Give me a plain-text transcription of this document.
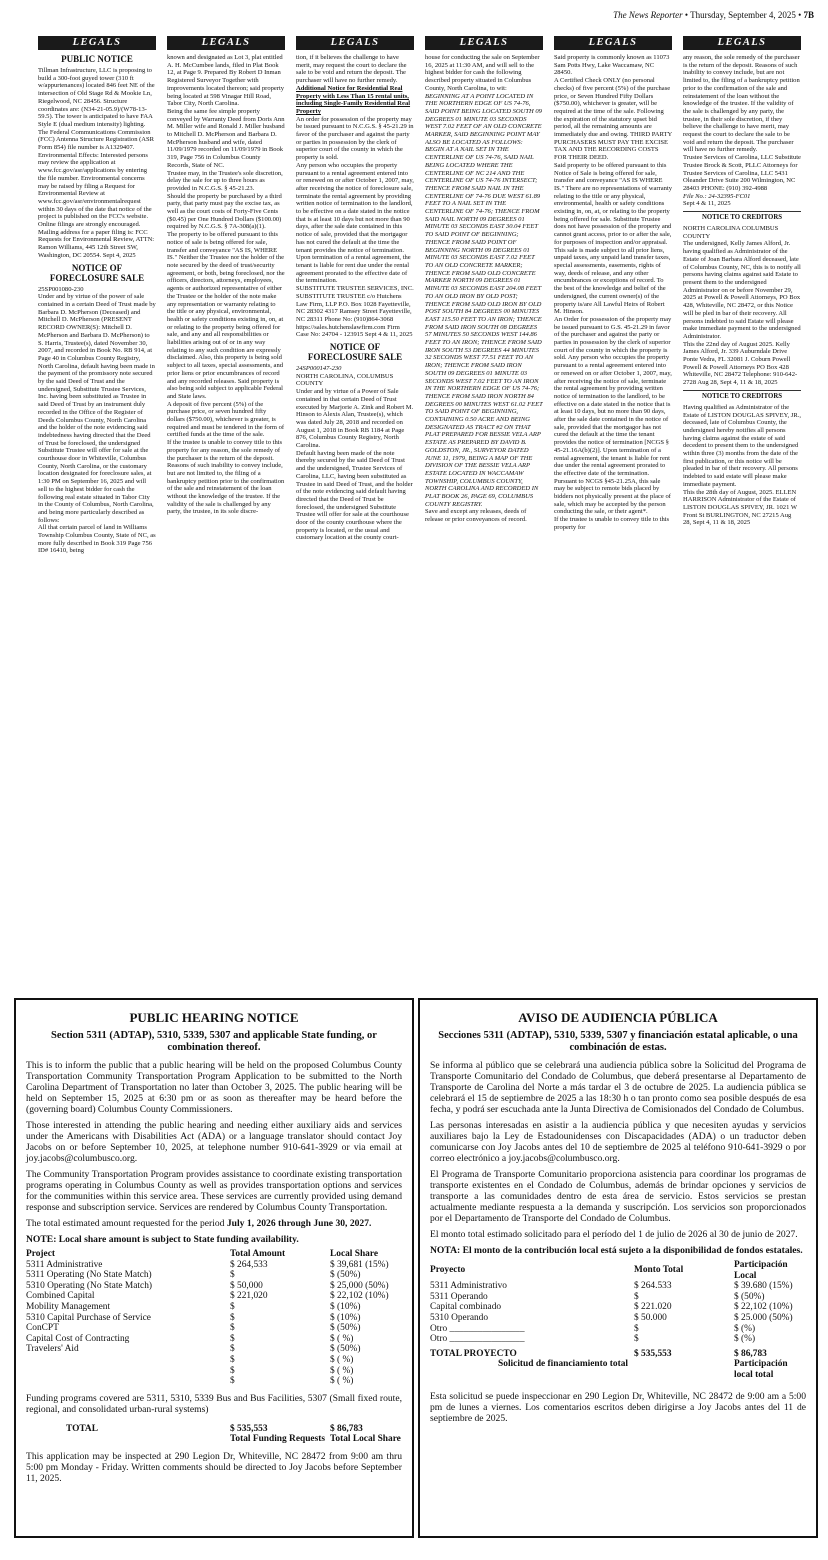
The News Reporter • Thursday, September 4, 2025 • 7B
LEGALS
PUBLIC NOTICE

Tillman Infrastructure, LLC is proposing to build a 300-foot guyed tower (310 ft w/appurtenances) located 846 feet NE of the intersection of Old Stage Rd & Mookie Ln, Riegelwood, NC 28456. Structure coordinates are: (N34-21-05.9)/(W78-13-59.5). The tower is anticipated to have FAA Style E (dual medium intensity) lighting. The Federal Communications Commission (FCC) Antenna Structure Registration (ASR Form 854) file number is A1329407. Environmental Effects: Interested persons may review the application at www.fcc.gov/asr/applications by entering the file number. Environmental concerns may be raised by filing a Request for Environmental Review at www.fcc.gov/asr/environmentalrequest within 30 days of the date that notice of the project is published on the FCC's website. Online filings are strongly encouraged. Mailing address for a paper filing is: FCC Requests for Environmental Review, ATTN: Ramon Williams, 445 12th Street SW, Washington, DC 20554. Sept 4, 2025

NOTICE OF FORECLOSURE SALE

25SP001080-230

Under and by virtue of the power of sale contained in a certain Deed of Trust made by Barbara D. McPherson (Deceased) and Mitchell D. McPherson (PRESENT RECORD OWNER(S): Mitchell D. McPherson and Barbara D. McPherson) to S. Harris, Trustee(s), dated November 30, 2007, and recorded in Book No. RB 914, at Page 40 in Columbus County Registry, North Carolina, default having been made in the payment of the promissory note secured by the said Deed of Trust and the undersigned, Substitute Trustee Services, Inc. having been substituted as Trustee in said Deed of Trust by an instrument duly recorded in the Office of the Register of Deeds Columbus County, North Carolina and the holder of the note evidencing said indebtedness having directed that the Deed of Trust be foreclosed, the undersigned Substitute Trustee will offer for sale at the courthouse door in Whiteville, Columbus County, North Carolina, or the customary location designated for foreclosure sales, at 1:30 PM on September 16, 2025 and will sell to the highest bidder for cash the following real estate situated in Tabor City in the County of Columbus, North Carolina, and being more particularly described as follows:

All that certain parcel of land in Williams Township Columbus County, State of NC, as more fully described in Book 319 Page 756 ID# 16410, being

LEGALS

known and designated as Lot 3, plat entitled A. H. McCumbee lands, filed in Plat Book 12, at Page 9. Prepared By Robert D Inman Registered Surveyor Together with improvements located thereon; said property being located at 598 Vinagar Hill Road, Tabor City, North Carolina.

Being the same fee simple property conveyed by Warranty Deed from Doris Ann M. Miller wife and Ronald J. Miller husband to Mitchell D. McPherson and Barbara D. McPherson husband and wife, dated 11/09/1979 recorded on 11/09/1979 in Book 319, Page 756 in Columbus County Records, State of NC.

Trustee may, in the Trustee's sole discretion, delay the sale for up to three hours as provided in N.C.G.S. § 45-21.23.

Should the property be purchased by a third party, that party must pay the excise tax, as well as the court costs of Forty-Five Cents ($0.45) per One Hundred Dollars ($100.00) required by N.C.G.S. § 7A-308(a)(1).

The property to be offered pursuant to this notice of sale is being offered for sale, transfer and conveyance "AS IS, WHERE IS." Neither the Trustee nor the holder of the note secured by the deed of trust/security agreement, or both, being foreclosed, nor the officers, directors, attorneys, employees, agents or authorized representative of either the Trustee or the holder of the note make any representation or warranty relating to the title or any physical, environmental, health or safety conditions existing in, on, at or relating to the property being offered for sale, and any and all responsibilities or liabilities arising out of or in any way relating to any such condition are expressly disclaimed. Also, this property is being sold subject to all taxes, special assessments, and prior liens or prior encumbrances of record and any recorded releases. Said property is also being sold subject to applicable Federal and State laws.

A deposit of five percent (5%) of the purchase price, or seven hundred fifty dollars ($750.00), whichever is greater, is required and must be tendered in the form of certified funds at the time of the sale.

If the trustee is unable to convey title to this property for any reason, the sole remedy of the purchaser is the return of the deposit. Reasons of such inability to convey include, but are not limited to, the filing of a bankruptcy petition prior to the confirmation of the sale and reinstatement of the loan without the knowledge of the trustee. If the validity of the sale is challenged by any party, the trustee, in its sole discre-

LEGALS

tion, if it believes the challenge to have merit, may request the court to declare the sale to be void and return the deposit. The purchaser will have no further remedy.

Additional Notice for Residential Real Property with Less Than 15 rental units, including Single-Family Residential Real Property

An order for possession of the property may be issued pursuant to N.C.G.S. § 45-21.29 in favor of the purchaser and against the party or parties in possession by the clerk of superior court of the county in which the property is sold.

Any person who occupies the property pursuant to a rental agreement entered into or renewed on or after October 1, 2007, may, after receiving the notice of foreclosure sale, terminate the rental agreement by providing written notice of termination to the landlord, to be effective on a date stated in the notice that is at least 10 days but not more than 90 days, after the sale date contained in this notice of sale, provided that the mortgagor has not cured the default at the time the tenant provides the notice of termination. Upon termination of a rental agreement, the tenant is liable for rent due under the rental agreement prorated to the effective date of the termination.

SUBSTITUTE TRUSTEE SERVICES, INC. SUBSTITUTE TRUSTEE c/o Hutchens Law Firm, LLP P.O. Box 1028 Fayetteville, NC 28302 4317 Ramsey Street Fayetteville, NC 28311 Phone No: (910)864-3068 https://sales.hutchenslawfirm.com Firm Case No: 24704 - 123915 Sept 4 & 11, 2025

NOTICE OF FORECLOSURE SALE

24SP000147-230

NORTH CAROLINA, COLUMBUS COUNTY

Under and by virtue of a Power of Sale contained in that certain Deed of Trust executed by Marjorie A. Zink and Robert M. Hinson to Alexis Alan, Trustee(s), which was dated July 28, 2018 and recorded on August 1, 2018 in Book RB 1184 at Page 876, Columbus County Registry, North Carolina.

Default having been made of the note thereby secured by the said Deed of Trust and the undersigned, Trustee Services of Carolina, LLC, having been substituted as Trustee in said Deed of Trust, and the holder of the note evidencing said default having directed that the Deed of Trust be foreclosed, the undersigned Substitute Trustee will offer for sale at the courthouse door of the county courthouse where the property is located, or the usual and customary location at the county court-

LEGALS

house for conducting the sale on September 16, 2025 at 11:30 AM, and will sell to the highest bidder for cash the following described property situated in Columbus County, North Carolina, to wit:

BEGINNING AT A POINT LOCATED IN THE NORTHERN EDGE OF US 74-76, SAID POINT BEING LOCATED SOUTH 09 DEGREES 01 MINUTE 03 SECONDS WEST 7.02 FEET OF AN OLD CONCRETE MARKER, SAID BEGINNING POINT MAY ALSO BE LOCATED AS FOLLOWS: BEGIN AT A NAIL SET IN THE CENTERLINE OF US 74-76, SAID NAIL BEING LOCATED WHERE THE CENTERLINE OF NC 214 AND THE CENTERLINE OF US 74-76 INTERSECT; THENCE FROM SAID NAIL IN THE CENTERLINE OF 74-76 DUE WEST 61.89 FEET TO A NAIL SET IN THE CENTERLINE OF 74-76; THENCE FROM SAID NAIL NORTH 09 DEGREES 01 MINUTE 03 SECONDS EAST 30.04 FEET TO SAID POINT OF BEGINNING; THENCE FROM SAID POINT OF BEGINNING NORTH 09 DEGREES 01 MINUTE 03 SECONDS EAST 7.02 FEET TO AN OLD CONCRETE MARKER; THENCE FROM SAID OLD CONCRETE MARKER NORTH 09 DEGREES 01 MINUTE 03 SECONDS EAST 204.08 FEET TO AN OLD IRON BY OLD POST; THENCE FROM SAID OLD IRON BY OLD POST SOUTH 84 DEGREES 00 MINUTES EAST 115.50 FEET TO AN IRON; THENCE FROM SAID IRON SOUTH 08 DEGREES 57 MINUTES 50 SECONDS WEST 144.86 FEET TO AN IRON; THENCE FROM SAID IRON SOUTH 53 DEGREES 44 MINUTES 32 SECONDS WEST 77.51 FEET TO AN IRON; THENCE FROM SAID IRON SOUTH 09 DEGREES 01 MINUTE 03 SECONDS WEST 7.02 FEET TO AN IRON IN THE NORTHERN EDGE OF US 74-76; THENCE FROM SAID IRON NORTH 84 DEGREES 00 MINUTES WEST 61.02 FEET TO SAID POINT OF BEGINNING, CONTAINING 0.50 ACRE AND BEING DESIGNATED AS TRACT #2 ON THAT PLAT PREPARED FOR BESSIE VELA ARP ESTATE AS PREPARED BY DAVID B. GOLDSTON, JR., SURVEYOR DATED JUNE 11, 1979, BEING A MAP OF THE DIVISION OF THE BESSIE VELA ARP ESTATE LOCATED IN WACCAMAW TOWNSHIP, COLUMBUS COUNTY, NORTH CAROLINA AND RECORDED IN PLAT BOOK 26, PAGE 69, COLUMBUS COUNTY REGISTRY.

Save and except any releases, deeds of release or prior conveyances of record.

LEGALS

Said property is commonly known as 11073 Sam Potts Hwy, Lake Waccamaw, NC 28450.

A Certified Check ONLY (no personal checks) of five percent (5%) of the purchase price, or Seven Hundred Fifty Dollars ($750.00), whichever is greater, will be required at the time of the sale. Following the expiration of the statutory upset bid period, all the remaining amounts are immediately due and owing. THIRD PARTY PURCHASERS MUST PAY THE EXCISE TAX AND THE RECORDING COSTS FOR THEIR DEED.

Said property to be offered pursuant to this Notice of Sale is being offered for sale, transfer and conveyance "AS IS WHERE IS." There are no representations of warranty relating to the title or any physical, environmental, health or safety conditions existing in, on, at, or relating to the property being offered for sale. Substitute Trustee does not have possession of the property and cannot grant access, prior to or after the sale, for purposes of inspection and/or appraisal. This sale is made subject to all prior liens, unpaid taxes, any unpaid land transfer taxes, special assessments, easements, rights of way, deeds of release, and any other encumbrances or exceptions of record. To the best of the knowledge and belief of the undersigned, the current owner(s) of the property is/are All Lawful Heirs of Robert M. Hinson.

An Order for possession of the property may be issued pursuant to G.S. 45-21.29 in favor of the purchaser and against the party or parties in possession by the clerk of superior court of the county in which the property is sold. Any person who occupies the property pursuant to a rental agreement entered into or renewed on or after October 1, 2007, may, after receiving the notice of sale, terminate the rental agreement by providing written notice of termination to the landlord, to be effective on a date stated in the notice that is at least 10 days, but no more than 90 days, after the sale date contained in the notice of sale, provided that the mortgagor has not cured the default at the time the tenant provides the notice of termination [NCGS § 45-21.16A(b)(2)]. Upon termination of a rental agreement, the tenant is liable for rent due under the rental agreement prorated to the effective date of the termination.

Pursuant to NCGS §45-21.25A, this sale may be subject to remote bids placed by bidders not physically present at the place of sale, which may be accepted by the person conducting the sale, or their agent*.

If the trustee is unable to convey title to this property for

LEGALS

any reason, the sole remedy of the purchaser is the return of the deposit. Reasons of such inability to convey include, but are not limited to, the filing of a bankruptcy petition prior to the confirmation of the sale and reinstatement of the loan without the knowledge of the trustee. If the validity of the sale is challenged by any party, the trustee, in their sole discretion, if they believe the challenge to have merit, may request the court to declare the sale to be void and return the deposit. The purchaser will have no further remedy.

Trustee Services of Carolina, LLC Substitute Trustee Brock & Scott, PLLC Attorneys for Trustee Services of Carolina, LLC 5431 Oleander Drive Suite 200 Wilmington, NC 28403 PHONE: (910) 392-4988

File No.: 24-32395-FC01

Sept 4 & 11, 2025

NOTICE TO CREDITORS

NORTH CAROLINA COLUMBUS COUNTY

The undersigned, Kelly James Alford, Jr. having qualified as Administrator of the Estate of Joan Barbara Alford deceased, late of Columbus County, NC, this is to notify all persons having claims against said Estate to present them to the undersigned Administrator on or before November 29, 2025 at Powell & Powell Attorneys, PO Box 428, Whiteville, NC 28472, or this Notice will be pled in bar of their recovery. All persons indebted to said Estate will please make immediate payment to the undersigned Administrator.

This the 22nd day of August 2025. Kelly James Alford, Jr. 339 Auburndale Drive Ponte Vedra, FL 32081 J. Coburn Powell Powell & Powell Attorneys PO Box 428 Whiteville, NC 28472 Telephone: 910-642-2728 Aug 28, Sept 4, 11 & 18, 2025

NOTICE TO CREDITORS

Having qualified as Administrator of the Estate of LISTON DOUGLAS SPIVEY, JR., deceased, late of Columbus County, the undersigned hereby notifies all persons having claims against the estate of said decedent to present them to the undersigned within three (3) months from the date of the first publication, or this notice will be pleaded in bar of their recovery. All persons indebted to said estate will please make immediate payment.

This the 28th day of August, 2025. ELLEN HARRISON Administrator of the Estate of LISTON DOUGLAS SPIVEY, JR. 1021 W Front St BURLINGTON, NC 27215 Aug 28, Sept 4, 11 & 18, 2025

PUBLIC HEARING NOTICE
Section 5311 (ADTAP), 5310, 5339, 5307 and applicable State funding, or combination thereof.

This is to inform the public that a public hearing will be held on the proposed Columbus County Transportation Community Transportation Program Application to be submitted to the North Carolina Department of Transportation no later than October 3, 2025. The public hearing will be held on September 15, 2025 at 6:30 pm or as soon as thereafter may be heard before the (governing board) Columbus County Commissioners.

Those interested in attending the public hearing and needing either auxiliary aids and services under the Americans with Disabilities Act (ADA) or a language translator should contact Joy Jacobs on or before September 10, 2025, at telephone number 910-641-3929 or via email at joy.jacobs@columbusco.org.

The Community Transportation Program provides assistance to coordinate existing transportation programs operating in Columbus County as well as provides transportation options and services for the communities within this service area. These services are currently provided using demand response and subscription service. Services are rendered by Columbus County Transportation.

The total estimated amount requested for the period July 1, 2026 through June 30, 2027.

NOTE: Local share amount is subject to State funding availability.
Project	Total Amount	Local Share
5311 Administrative	$ 264,533	$ 39,681 (15%)
5311 Operating (No State Match)	$	$ (50%)
5310 Operating (No State Match)	$ 50,000	$ 25,000 (50%)
Combined Capital	$ 221,020	$ 22,102 (10%)
Mobility Management	$	$ (10%)
5310 Capital Purchase of Service	$	$ (10%)
ConCPT	$	$ (50%)
Capital Cost of Contracting	$	$ ( %)
Travelers' Aid	$	$ (50%)
	$	$ ( %)
	$	$ ( %)
	$	$ ( %)

Funding programs covered are 5311, 5310, 5339 Bus and Bus Facilities, 5307 (Small fixed route, regional, and consolidated urban-rural systems)

TOTAL	$ 535,553	$ 86,783
	Total Funding Requests	Total Local Share

This application may be inspected at 290 Legion Dr, Whiteville, NC 28472 from 9:00 am thru 5:00 pm Monday - Friday. Written comments should be directed to Joy Jacobs before September 11, 2025.

AVISO DE AUDIENCIA PÚBLICA
Secciones 5311 (ADTAP), 5310, 5339, 5307 y financiación estatal aplicable, o una combinación de estas.

Se informa al público que se celebrará una audiencia pública sobre la Solicitud del Programa de Transporte Comunitario del Condado de Columbus, que deberá presentarse al Departamento de Transporte de Carolina del Norte a más tardar el 3 de octubre de 2025. La audiencia pública se celebrará el 15 de septiembre de 2025 a las 18:30 h o tan pronto como sea posible después de esa fecha, y podrá ser escuchada ante la Junta Directiva de Comisionados del Condado de Columbus.

Las personas interesadas en asistir a la audiencia pública y que necesiten ayudas y servicios auxiliares bajo la Ley de Estadounidenses con Discapacidades (ADA) o un traductor deben comunicarse con Joy Jacobs antes del 10 de septiembre de 2025 al teléfono 910-641-3929 o por correo electrónico a joy.jacobs@columbusco.org.

El Programa de Transporte Comunitario proporciona asistencia para coordinar los programas de transporte existentes en el Condado de Columbus, además de brindar opciones y servicios de transporte a las comunidades dentro de esta área de servicio. Estos servicios se prestan actualmente mediante respuesta a la demanda y suscripción. Los servicios son proporcionados por el Departamento de Transporte del Condado de Columbus.

El monto total estimado solicitado para el período del 1 de julio de 2026 al 30 de junio de 2027.

NOTA: El monto de la contribución local está sujeto a la disponibilidad de fondos estatales.
Proyecto	Monto Total	Participación Local
5311 Administrativo	$ 264.533	$ 39.680 (15%)
5311 Operando	$	$ (50%)
Capital combinado	$ 221.020	$ 22,102 (10%)
5310 Operando	$ 50.000	$ 25.000 (50%)
Otro ________________	$	$ (%)
Otro ________________	$	$ (%)
TOTAL PROYECTO	$ 535,553	$ 86,783
Solicitud de financiamiento total		Participación local total

Esta solicitud se puede inspeccionar en 290 Legion Dr, Whiteville, NC 28472 de 9:00 am a 5:00 pm de lunes a viernes. Los comentarios escritos deben dirigirse a Joy Jacobs antes del 11 de septiembre de 2025.
